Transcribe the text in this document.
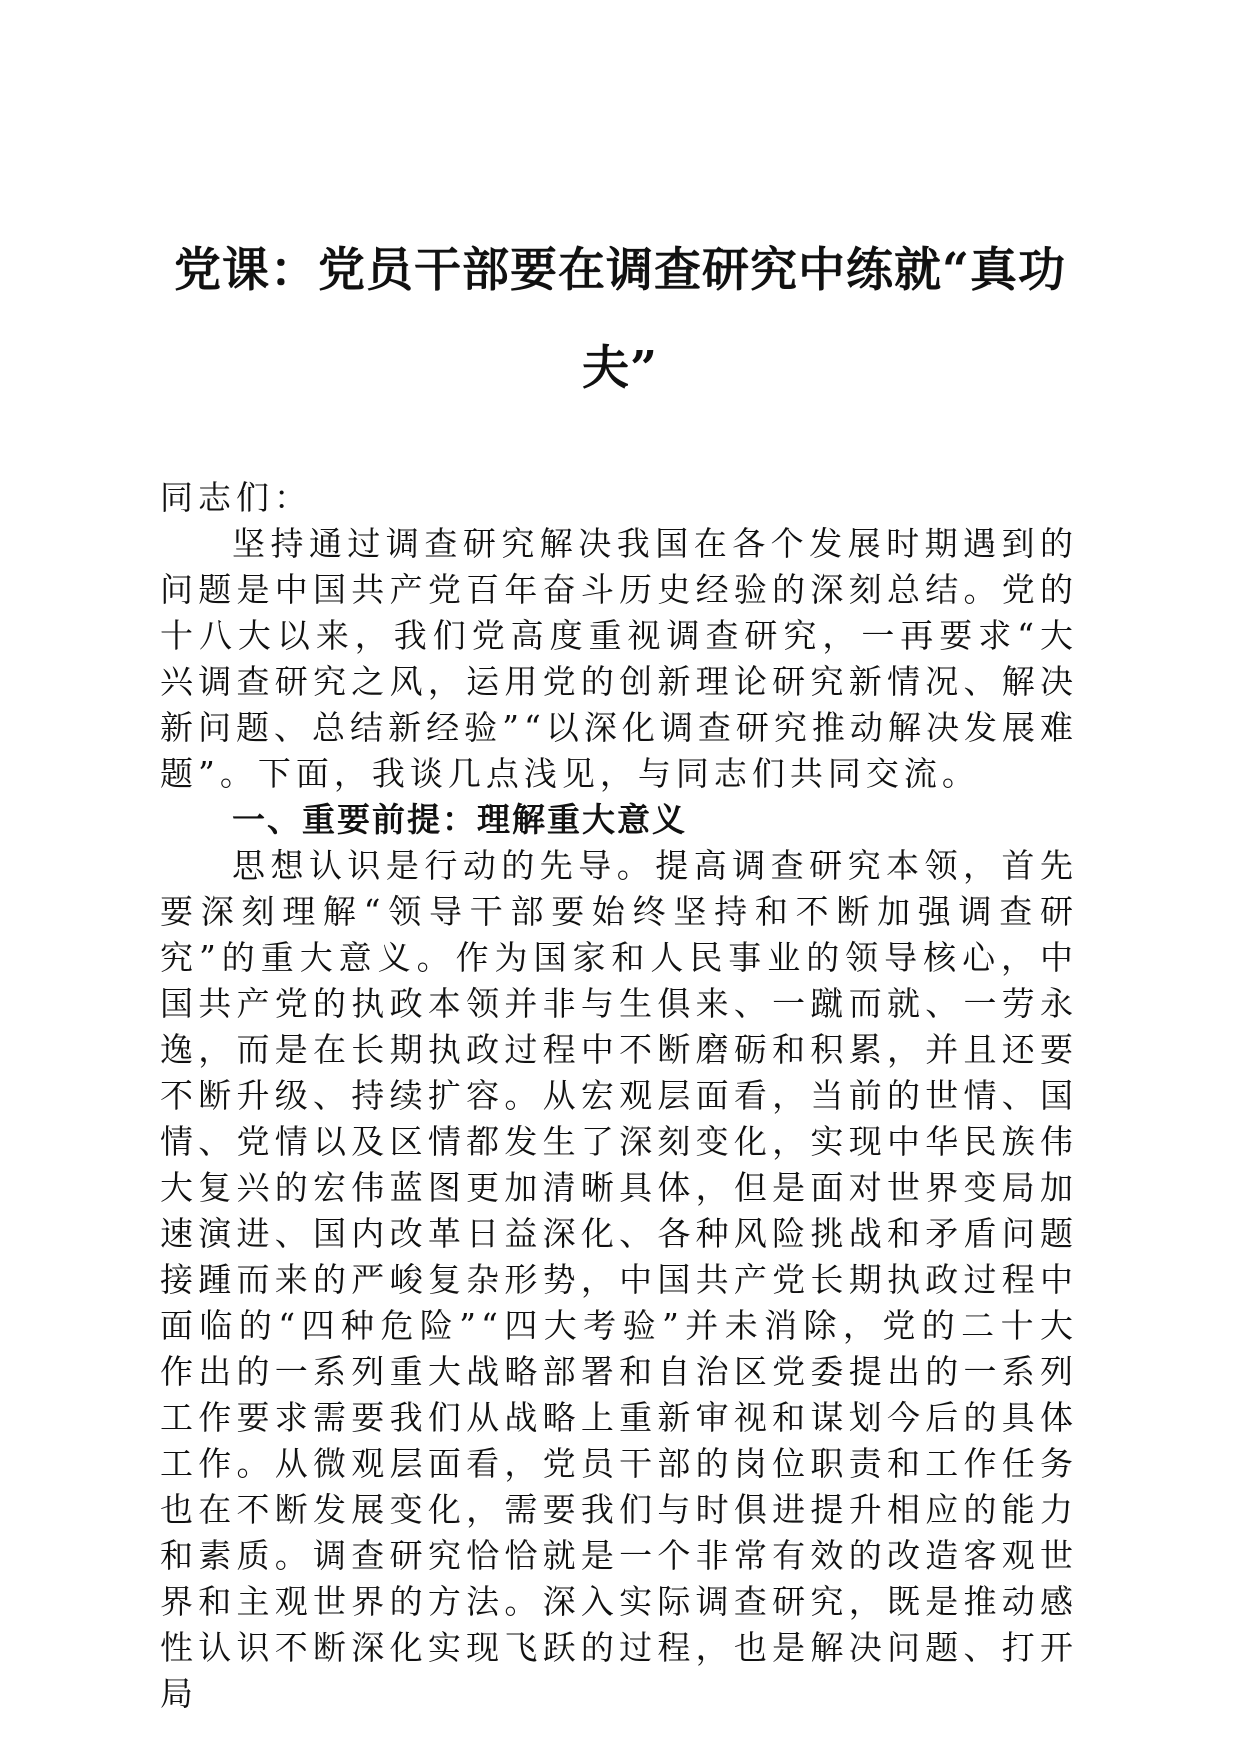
党课：党员干部要在调查研究中练就“真功夫”

同志们：

坚持通过调查研究解决我国在各个发展时期遇到的问题是中国共产党百年奋斗历史经验的深刻总结。党的十八大以来，我们党高度重视调查研究，一再要求“大兴调查研究之风，运用党的创新理论研究新情况、解决新问题、总结新经验”“以深化调查研究推动解决发展难题”。下面，我谈几点浅见，与同志们共同交流。

一、重要前提：理解重大意义

思想认识是行动的先导。提高调查研究本领，首先要深刻理解“领导干部要始终坚持和不断加强调查研究”的重大意义。作为国家和人民事业的领导核心，中国共产党的执政本领并非与生俱来、一蹴而就、一劳永逸，而是在长期执政过程中不断磨砺和积累，并且还要不断升级、持续扩容。从宏观层面看，当前的世情、国情、党情以及区情都发生了深刻变化，实现中华民族伟大复兴的宏伟蓝图更加清晰具体，但是面对世界变局加速演进、国内改革日益深化、各种风险挑战和矛盾问题接踵而来的严峻复杂形势，中国共产党长期执政过程中面临的“四种危险”“四大考验”并未消除，党的二十大作出的一系列重大战略部署和自治区党委提出的一系列工作要求需要我们从战略上重新审视和谋划今后的具体工作。从微观层面看，党员干部的岗位职责和工作任务也在不断发展变化，需要我们与时俱进提升相应的能力和素质。调查研究恰恰就是一个非常有效的改造客观世界和主观世界的方法。深入实际调查研究，既是推动感性认识不断深化实现飞跃的过程，也是解决问题、打开局
